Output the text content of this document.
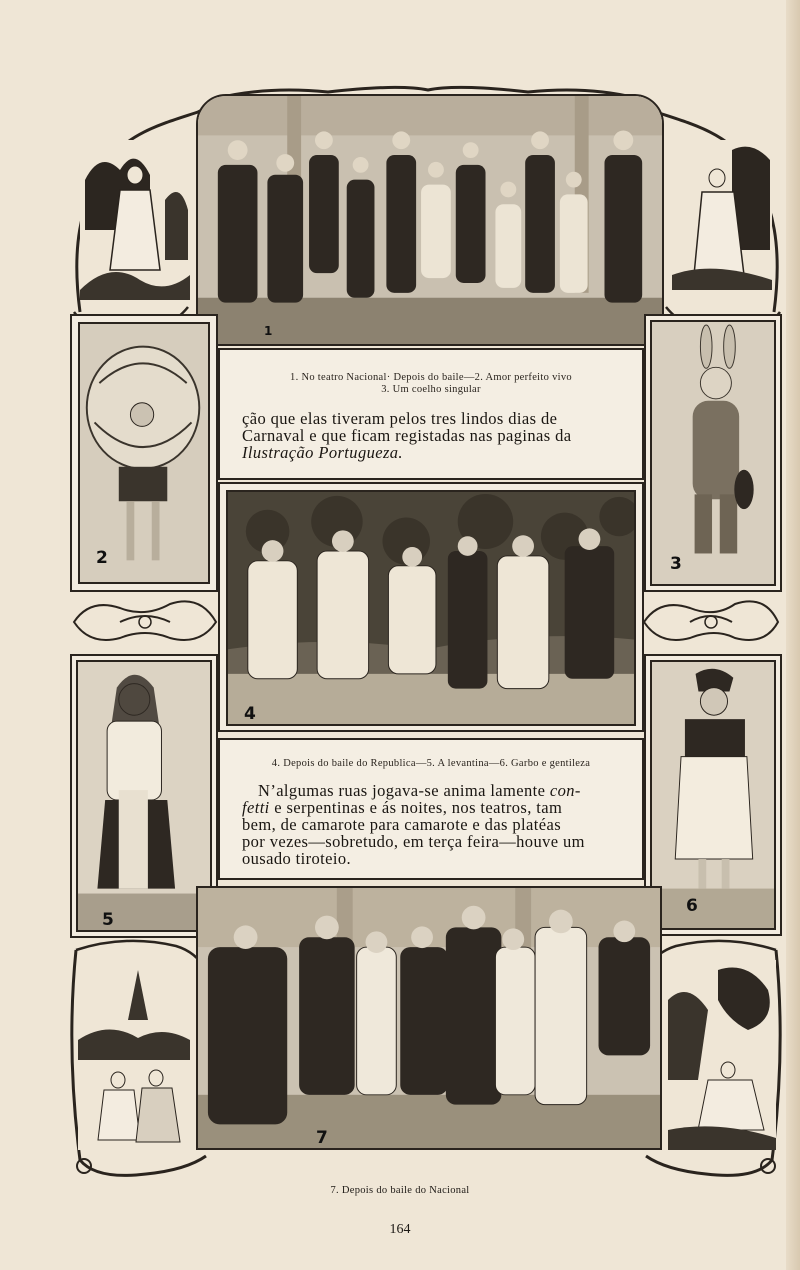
1
2	3
1. No teatro Nacional· Depois do baile—2. Amor perfeito vivo
3. Um coelho singular
ção que elas tiveram pelos tres lindos dias de
Carnaval e que ficam registadas nas paginas da
Ilustração Portugueza.
4
5
6
4. Depois do baile do Republica—5. A levantina—6. Garbo e gentileza
N’algumas ruas jogava-se anima lamente con-
fetti e serpentinas e ás noites, nos teatros, tam
bem, de camarote para camarote e das platéas
por vezes—sobretudo, em terça feira—houve um
ousado tiroteio.
7
7. Depois do baile do Nacional
164
